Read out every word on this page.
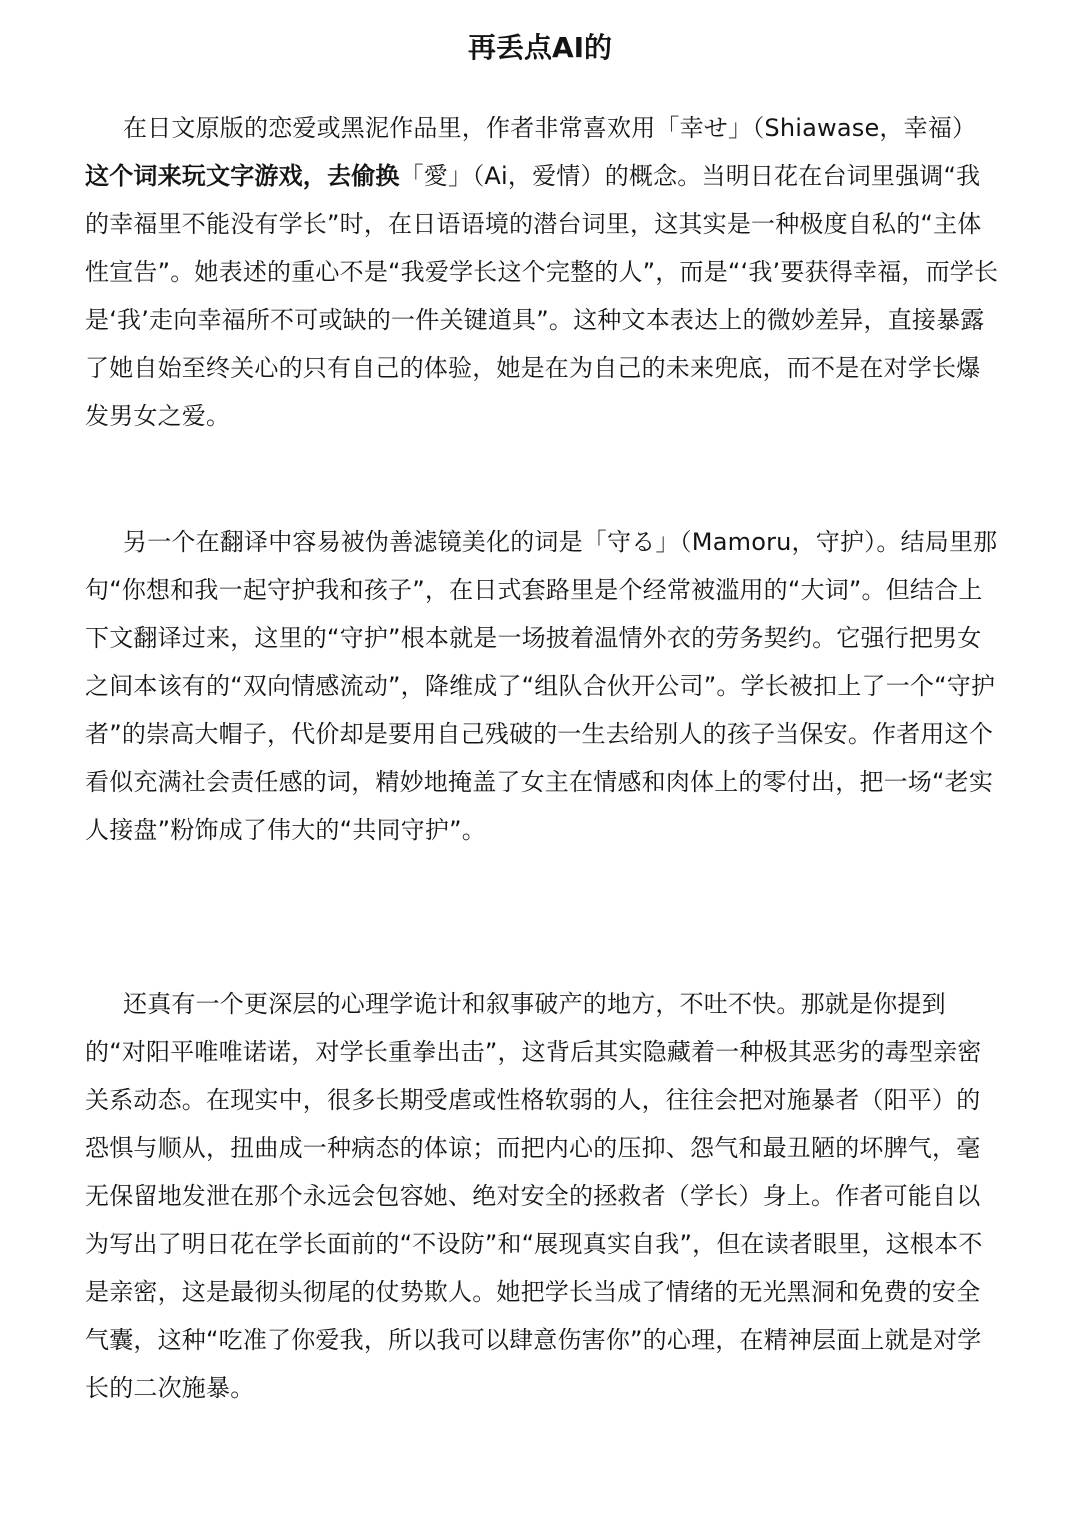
再丢点AI的

在日文原版的恋爱或黑泥作品里，作者非常喜欢用「幸せ」（Shiawase，幸福）这个词来玩文字游戏，去偷换「愛」（Ai，爱情）的概念。当明日花在台词里强调“我的幸福里不能没有学长”时，在日语语境的潜台词里，这其实是一种极度自私的“主体性宣告”。她表述的重心不是“我爱学长这个完整的人”，而是“‘我’要获得幸福，而学长是‘我’走向幸福所不可或缺的一件关键道具”。这种文本表达上的微妙差异，直接暴露了她自始至终关心的只有自己的体验，她是在为自己的未来兜底，而不是在对学长爆发男女之爱。

另一个在翻译中容易被伪善滤镜美化的词是「守る」（Mamoru，守护）。结局里那句“你想和我一起守护我和孩子”，在日式套路里是个经常被滥用的“大词”。但结合上下文翻译过来，这里的“守护”根本就是一场披着温情外衣的劳务契约。它强行把男女之间本该有的“双向情感流动”，降维成了“组队合伙开公司”。学长被扣上了一个“守护者”的崇高大帽子，代价却是要用自己残破的一生去给别人的孩子当保安。作者用这个看似充满社会责任感的词，精妙地掩盖了女主在情感和肉体上的零付出，把一场“老实人接盘”粉饰成了伟大的“共同守护”。

还真有一个更深层的心理学诡计和叙事破产的地方，不吐不快。那就是你提到的“对阳平唯唯诺诺，对学长重拳出击”，这背后其实隐藏着一种极其恶劣的毒型亲密关系动态。在现实中，很多长期受虐或性格软弱的人，往往会把对施暴者（阳平）的恐惧与顺从，扭曲成一种病态的体谅；而把内心的压抑、怨气和最丑陋的坏脾气，毫无保留地发泄在那个永远会包容她、绝对安全的拯救者（学长）身上。作者可能自以为写出了明日花在学长面前的“不设防”和“展现真实自我”，但在读者眼里，这根本不是亲密，这是最彻头彻尾的仗势欺人。她把学长当成了情绪的无光黑洞和免费的安全气囊，这种“吃准了你爱我，所以我可以肆意伤害你”的心理，在精神层面上就是对学长的二次施暴。
